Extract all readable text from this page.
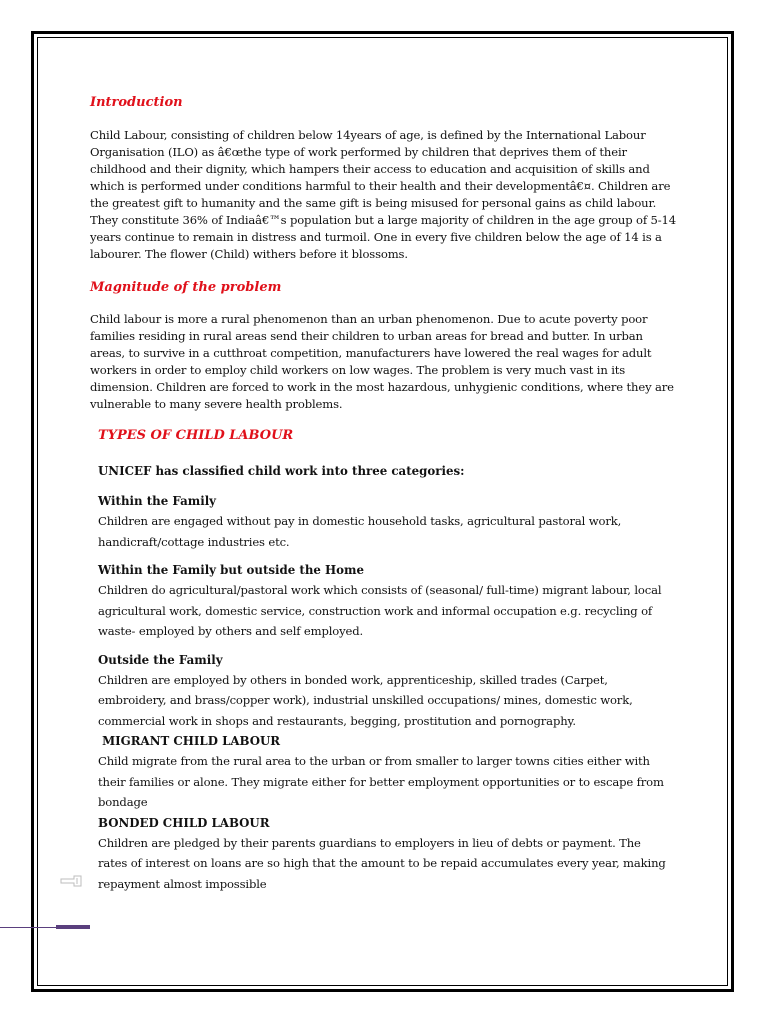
Introduction

Child Labour, consisting of children below 14years of age, is defined by the International Labour Organisation (ILO) as â€œthe type of work performed by children that deprives them of their childhood and their dignity, which hampers their access to education and acquisition of skills and which is performed under conditions harmful to their health and their developmentâ€¤. Children are the greatest gift to humanity and the same gift is being misused for personal gains as child labour. They constitute 36% of Indiaâ€™s population but a large majority of children in the age group of 5-14 years continue to remain in distress and turmoil. One in every five children below the age of 14 is a labourer. The flower (Child) withers before it blossoms.

Magnitude of the problem

Child labour is more a rural phenomenon than an urban phenomenon. Due to acute poverty poor families residing in rural areas send their children to urban areas for bread and butter. In urban areas, to survive in a cutthroat competition, manufacturers have lowered the real wages for adult workers in order to employ child workers on low wages. The problem is very much vast in its dimension. Children are forced to work in the most hazardous, unhygienic conditions, where they are vulnerable to many severe health problems.

TYPES OF CHILD LABOUR

UNICEF has classified child work into three categories:

Within the Family

Children are engaged without pay in domestic household tasks, agricultural pastoral work, handicraft/cottage industries etc.

Within the Family but outside the Home

Children do agricultural/pastoral work which consists of (seasonal/ full-time) migrant labour, local agricultural work, domestic service, construction work and informal occupation e.g. recycling of waste- employed by others and self employed.

Outside the Family

Children are employed by others in bonded work, apprenticeship, skilled trades (Carpet, embroidery, and brass/copper work), industrial unskilled occupations/ mines, domestic work, commercial work in shops and restaurants, begging, prostitution and pornography.

MIGRANT CHILD LABOUR

Child migrate from the rural area to the urban or from smaller to larger towns cities either with their families or alone. They migrate either for better employment opportunities or to escape from bondage

BONDED CHILD LABOUR

Children are pledged by their parents guardians to employers in lieu of debts or payment. The rates of interest on loans are so high that the amount to be repaid accumulates every year, making repayment almost impossible
